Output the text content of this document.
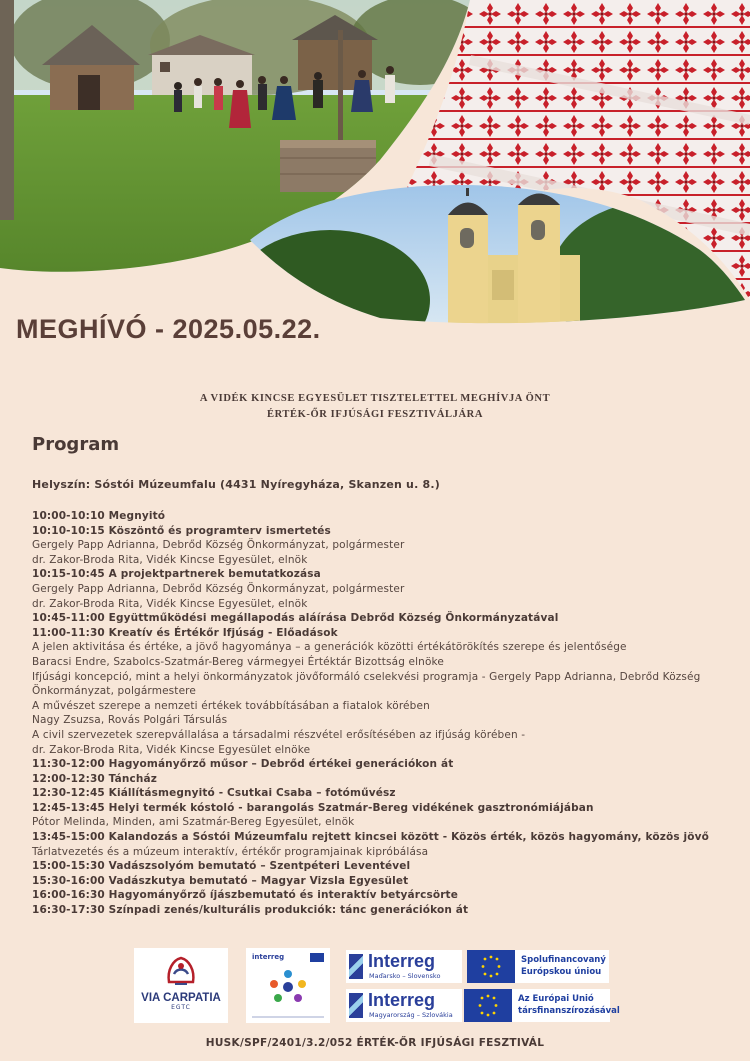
MEGHÍVÓ - 2025.05.22.
A VIDÉK KINCSE EGYESÜLET TISZTELETTEL MEGHÍVJA ÖNT
ÉRTÉK-ŐR IFJÚSÁGI FESZTIVÁLJÁRA
Program
Helyszín: Sóstói Múzeumfalu (4431 Nyíregyháza, Skanzen u. 8.)
10:00-10:10 Megnyitó
10:10-10:15 Köszöntő és programterv ismertetés
Gergely Papp Adrianna, Debrőd Község Önkormányzat, polgármester
dr. Zakor-Broda Rita, Vidék Kincse Egyesület, elnök
10:15-10:45 A projektpartnerek bemutatkozása
Gergely Papp Adrianna, Debrőd Község Önkormányzat, polgármester
dr. Zakor-Broda Rita, Vidék Kincse Egyesület, elnök
10:45-11:00 Együttműködési megállapodás aláírása Debrőd Község Önkormányzatával
11:00-11:30 Kreatív és Értékőr Ifjúság - Előadások
A jelen aktivitása és értéke, a jövő hagyománya – a generációk közötti értékátörökítés szerepe és jelentősége
Baracsi Endre, Szabolcs-Szatmár-Bereg vármegyei Értéktár Bizottság elnöke
Ifjúsági koncepció, mint a helyi önkormányzatok jövőformáló cselekvési programja - Gergely Papp Adrianna, Debrőd Község Önkormányzat, polgármestere
A művészet szerepe a nemzeti értékek továbbításában a fiatalok körében
Nagy Zsuzsa, Rovás Polgári Társulás
A civil szervezetek szerepvállalása a társadalmi részvétel erősítésében az ifjúság körében -
dr. Zakor-Broda Rita, Vidék Kincse Egyesület elnöke
11:30-12:00 Hagyományőrző műsor – Debrőd értékei generációkon át
12:00-12:30 Táncház
12:30-12:45 Kiállításmegnyitó - Csutkai Csaba – fotóművész
12:45-13:45 Helyi termék kóstoló - barangolás Szatmár-Bereg vidékének gasztronómiájában
Pótor Melinda, Minden, ami Szatmár-Bereg Egyesület, elnök
13:45-15:00 Kalandozás a Sóstói Múzeumfalu rejtett kincsei között - Közös érték, közös hagyomány, közös jövő
Tárlatvezetés és a múzeum interaktív, értékőr programjainak kipróbálása
15:00-15:30 Vadászsolyóm bemutató – Szentpéteri Leventével
15:30-16:00 Vadászkutya bemutató – Magyar Vizsla Egyesület
16:00-16:30 Hagyományőrző íjászbemutató és interaktív betyárcsörte
16:30-17:30 Színpadi zenés/kulturális produkciók: tánc generációkon át
VIA CARPATIA
EGTC
interreg	Interreg
Maďarsko – Slovensko
Spolufinancovaný Európskou úniou
Interreg
Magyarország – Szlovákia
Az Európai Unió társfinanszírozásával
HUSK/SPF/2401/3.2/052 ÉRTÉK-ŐR IFJÚSÁGI FESZTIVÁL
